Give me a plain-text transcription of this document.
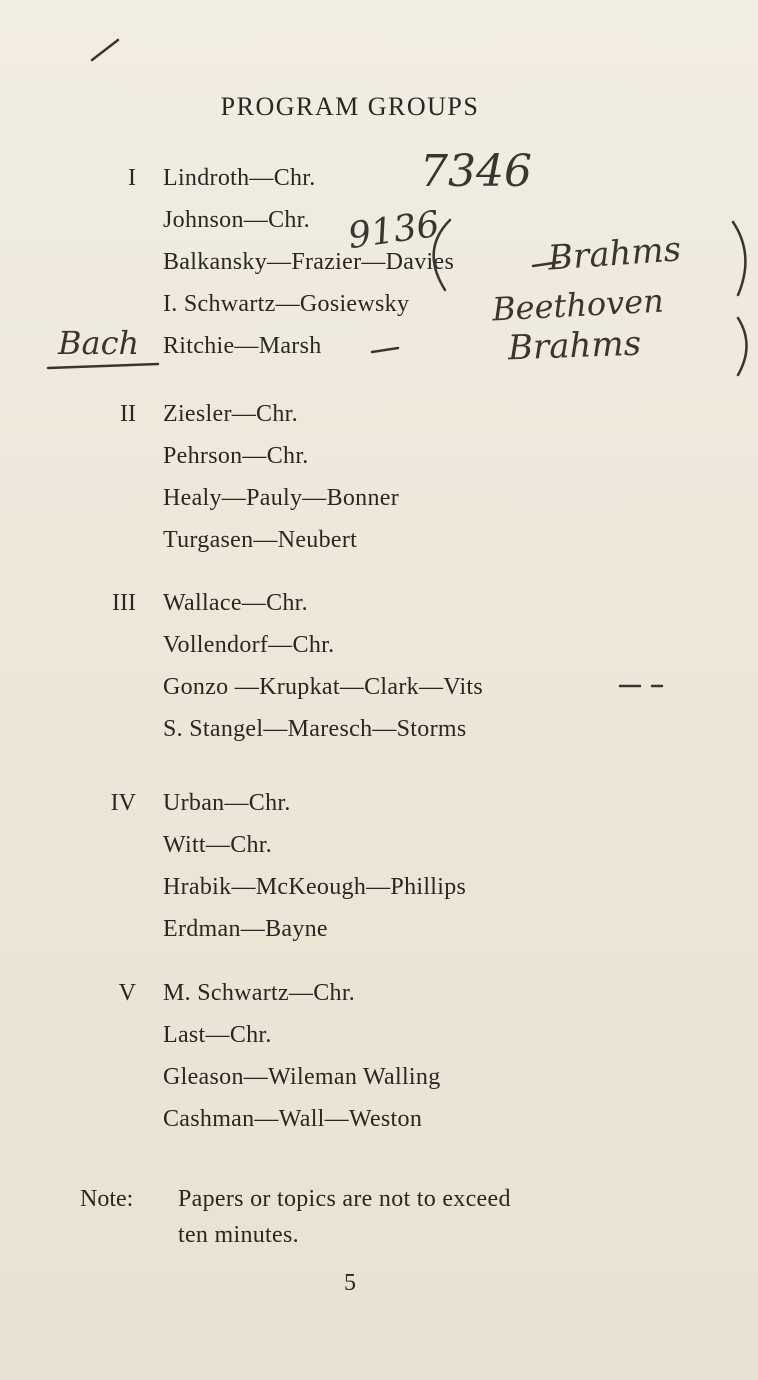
PROGRAM GROUPS
I Lindroth—Chr.
Johnson—Chr.
Balkansky—Frazier—Davies
I. Schwartz—Gosiewsky
Ritchie—Marsh
II Ziesler—Chr.
Pehrson—Chr.
Healy—Pauly—Bonner
Turgasen—Neubert
III Wallace—Chr.
Vollendorf—Chr.
Gonzo —Krupkat—Clark—Vits
S. Stangel—Maresch—Storms
IV Urban—Chr.
Witt—Chr.
Hrabik—McKeough—Phillips
Erdman—Bayne
V M. Schwartz—Chr.
Last—Chr.
Gleason—Wileman Walling
Cashman—Wall—Weston
Note: Papers or topics are not to exceed
ten minutes.
5
7346
9136	Brahms
Beethoven
Brahms
Bach
